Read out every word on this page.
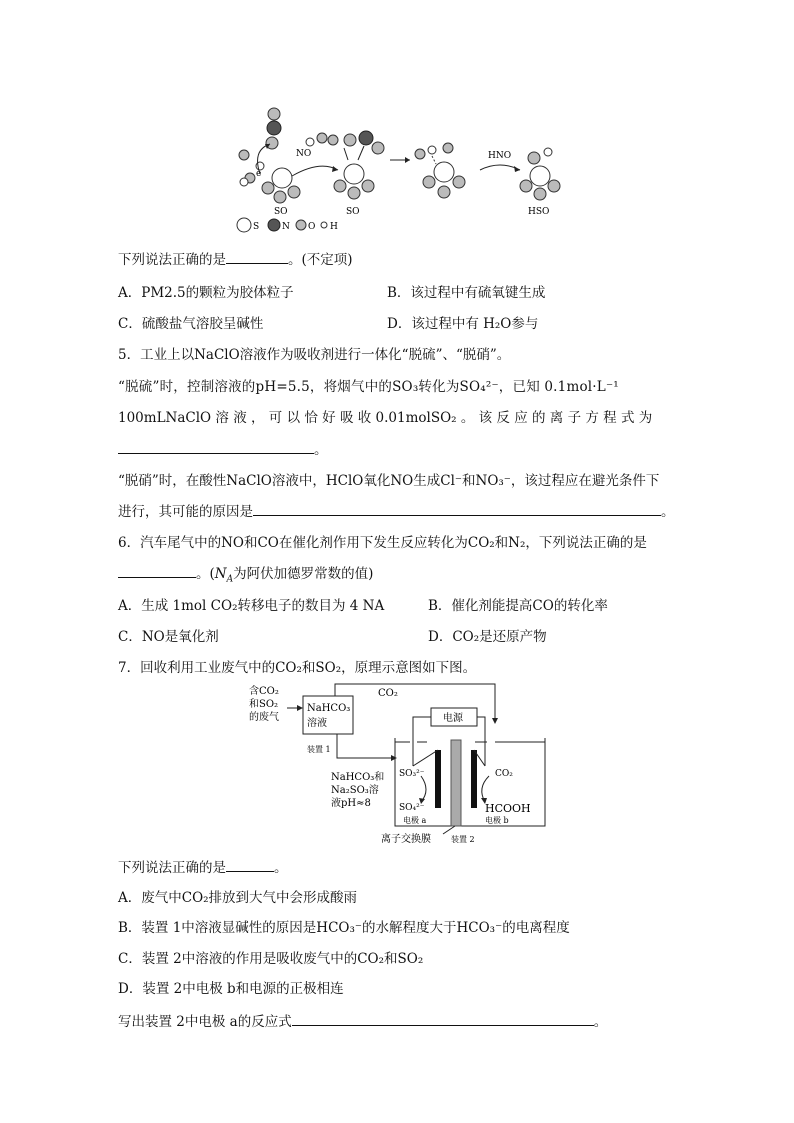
e
SO
NO
SO
HNO
HSO
S	N O H
下列说法正确的是	。(不定项)
A．PM2.5的颗粒为胶体粒子	B．该过程中有硫氧键生成
C．硫酸盐气溶胶呈碱性	D．该过程中有 H₂O参与
5．工业上以NaClO溶液作为吸收剂进行一体化“脱硫”、“脱硝”。
“脱硫”时，控制溶液的pH=5.5，将烟气中的SO₃转化为SO₄²⁻，已知 0.1mol·L⁻¹
100mLNaClO 溶 液 ， 可 以 恰 好 吸 收 0.01molSO₂ 。 该 反 应 的 离 子 方 程 式 为
。
“脱硝”时，在酸性NaClO溶液中，HClO氧化NO生成Cl⁻和NO₃⁻，该过程应在避光条件下
进行，其可能的原因是	。
6．汽车尾气中的NO和CO在催化剂作用下发生反应转化为CO₂和N₂，下列说法正确的是
。($N_A$为阿伏加德罗常数的值)
A．生成 1mol CO₂转移电子的数目为 4 NA	B．催化剂能提高CO的转化率
C．NO是氧化剂	D．CO₂是还原产物
7．回收利用工业废气中的CO₂和SO₂，原理示意图如下图。
含CO₂
和SO₂
的废气
NaHCO₃
溶液
装置 1
CO₂
NaHCO₃和
Na₂SO₃溶
液pH≈8
电源
SO₃²⁻
SO₄²⁻
CO₂
HCOOH
电极 a	电极 b
离子交换膜	装置 2
下列说法正确的是	。
A．废气中CO₂排放到大气中会形成酸雨
B．装置 1中溶液显碱性的原因是HCO₃⁻的水解程度大于HCO₃⁻的电离程度
C．装置 2中溶液的作用是吸收废气中的CO₂和SO₂
D．装置 2中电极 b和电源的正极相连
写出装置 2中电极 a的反应式	。
